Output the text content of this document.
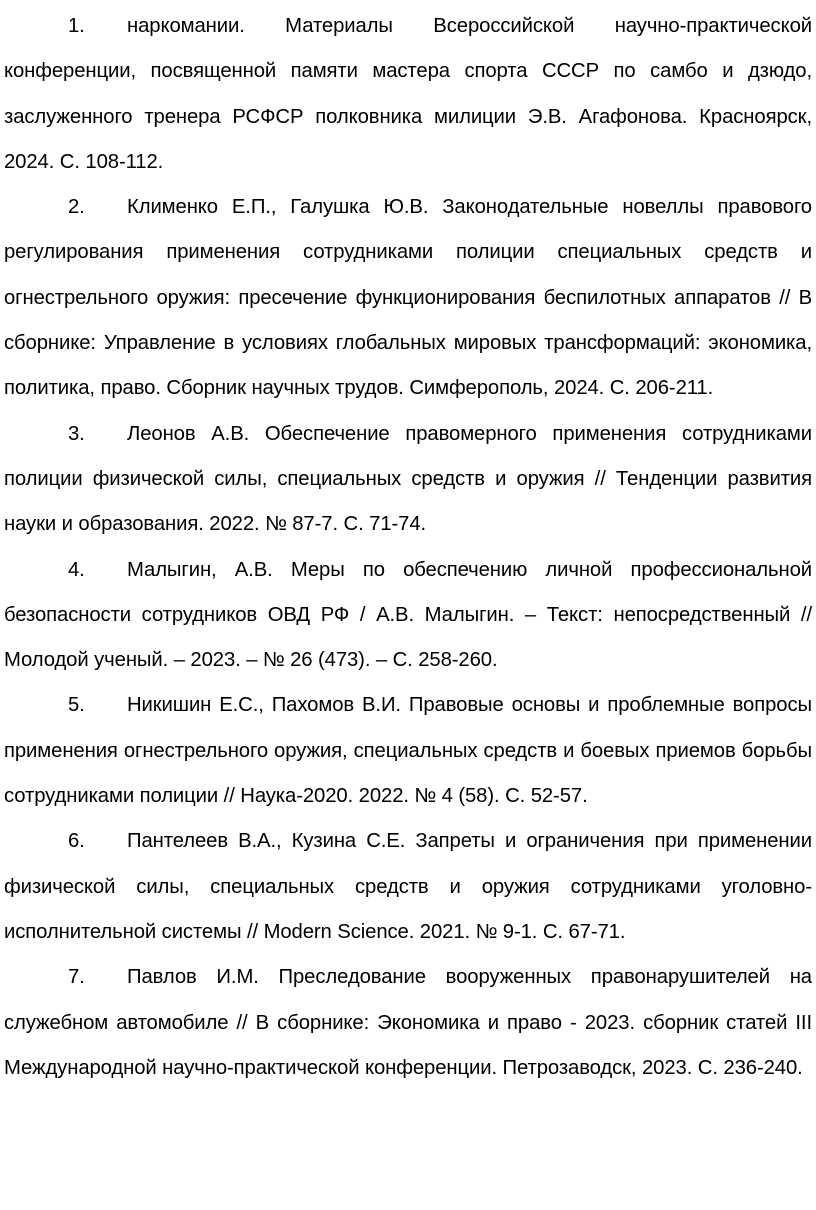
1. наркомании. Материалы Всероссийской научно-практической конференции, посвященной памяти мастера спорта СССР по самбо и дзюдо, заслуженного тренера РСФСР полковника милиции Э.В. Агафонова. Красноярск, 2024. С. 108-112.

2. Клименко Е.П., Галушка Ю.В. Законодательные новеллы правового регулирования применения сотрудниками полиции специальных средств и огнестрельного оружия: пресечение функционирования беспилотных аппаратов // В сборнике: Управление в условиях глобальных мировых трансформаций: экономика, политика, право. Сборник научных трудов. Симферополь, 2024. С. 206-211.

3. Леонов А.В. Обеспечение правомерного применения сотрудниками полиции физической силы, специальных средств и оружия // Тенденции развития науки и образования. 2022. № 87-7. С. 71-74.

4. Малыгин, А.В. Меры по обеспечению личной профессиональной безопасности сотрудников ОВД РФ / А.В. Малыгин. – Текст: непосредственный // Молодой ученый. – 2023. – № 26 (473). – С. 258-260.

5. Никишин Е.С., Пахомов В.И. Правовые основы и проблемные вопросы применения огнестрельного оружия, специальных средств и боевых приемов борьбы сотрудниками полиции // Наука-2020. 2022. № 4 (58). С. 52-57.

6. Пантелеев В.А., Кузина С.Е. Запреты и ограничения при применении физической силы, специальных средств и оружия сотрудниками уголовно-исполнительной системы // Modern Science. 2021. № 9-1. С. 67-71.

7. Павлов И.М. Преследование вооруженных правонарушителей на служебном автомобиле // В сборнике: Экономика и право - 2023. сборник статей III Международной научно-практической конференции. Петрозаводск, 2023. С. 236-240.
